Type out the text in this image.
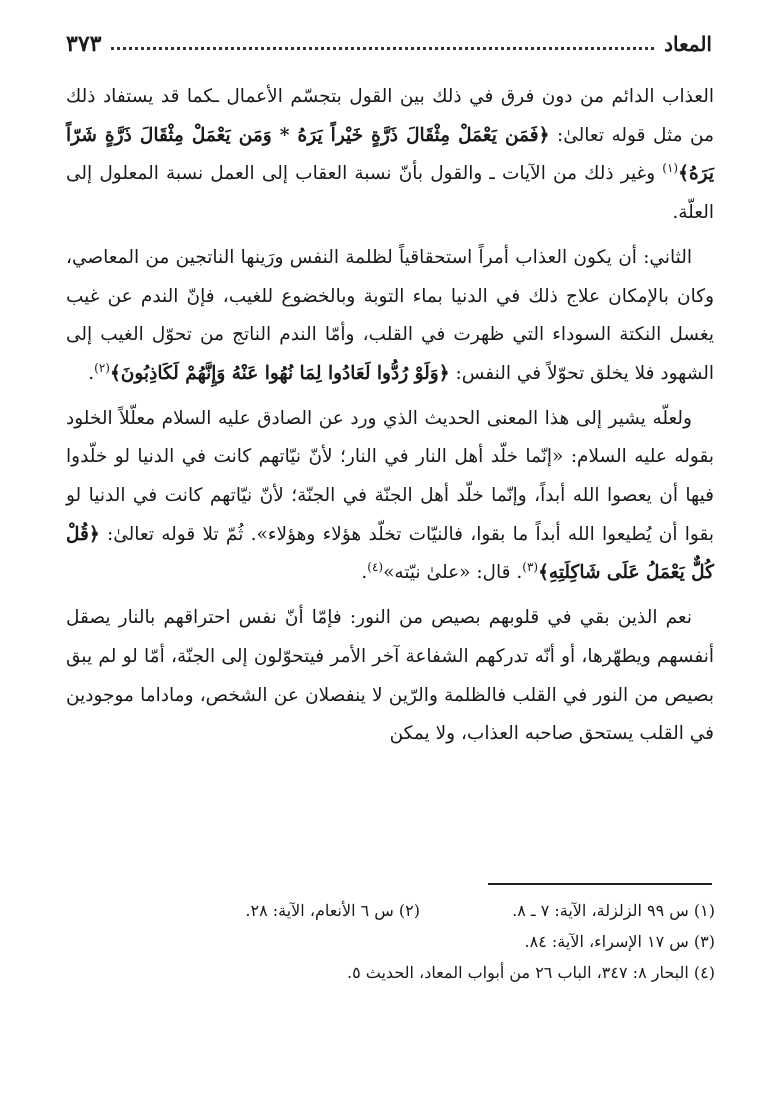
المعاد
٣٧٣

العذاب الدائم من دون فرق في ذلك بين القول بتجسّم الأعمال ـكما قد يستفاد ذلك من مثل قوله تعالىٰ: ﴿فَمَن يَعْمَلْ مِثْقَالَ ذَرَّةٍ خَيْراً يَرَهُ * وَمَن يَعْمَلْ مِثْقَالَ ذَرَّةٍ شَرّاً يَرَهُ﴾$^{(١)}$ وغير ذلك من الآيات ـ والقول بأنّ نسبة العقاب إلى العمل نسبة المعلول إلى العلّة.

الثاني: أن يكون العذاب أمراً استحقاقياً لظلمة النفس ورَينها الناتجين من المعاصي، وكان بالإمكان علاج ذلك في الدنيا بماء التوبة وبالخضوع للغيب، فإنّ الندم عن غيب يغسل النكتة السوداء التي ظهرت في القلب، وأمّا الندم الناتج من تحوّل الغيب إلى الشهود فلا يخلق تحوّلاً في النفس: ﴿وَلَوْ رُدُّوا لَعَادُوا لِمَا نُهُوا عَنْهُ وَإِنَّهُمْ لَكَاذِبُونَ﴾$^{(٢)}$.

ولعلّه يشير إلى هذا المعنى الحديث الذي ورد عن الصادق عليه السلام معلّلاً الخلود بقوله عليه السلام: «إنّما خلّد أهل النار في النار؛ لأنّ نيّاتهم كانت في الدنيا لو خلّدوا فيها أن يعصوا الله أبداً، وإنّما خلّد أهل الجنّة في الجنّة؛ لأنّ نيّاتهم كانت في الدنيا لو بقوا أن يُطيعوا الله أبداً ما بقوا، فالنيّات تخلّد هؤلاء وهؤلاء». ثُمّ تلا قوله تعالىٰ: ﴿قُلْ كُلٌّ يَعْمَلُ عَلَى شَاكِلَتِهِ﴾$^{(٣)}$. قال: «علىٰ نيّته»$^{(٤)}$.

نعم الذين بقي في قلوبهم بصيص من النور: فإمّا أنّ نفس احتراقهم بالنار يصقل أنفسهم ويطهّرها، أو أنّه تدركهم الشفاعة آخر الأمر فيتحوّلون إلى الجنّة، أمّا لو لم يبق بصيص من النور في القلب فالظلمة والرّين لا ينفصلان عن الشخص، وماداما موجودين في القلب يستحق صاحبه العذاب، ولا يمكن

(١) س ٩٩ الزلزلة، الآية: ٧ ـ ٨.
(٢) س ٦ الأنعام، الآية: ٢٨.
(٣) س ١٧ الإسراء، الآية: ٨٤.
(٤) البحار ٨: ٣٤٧، الباب ٢٦ من أبواب المعاد، الحديث ٥.
